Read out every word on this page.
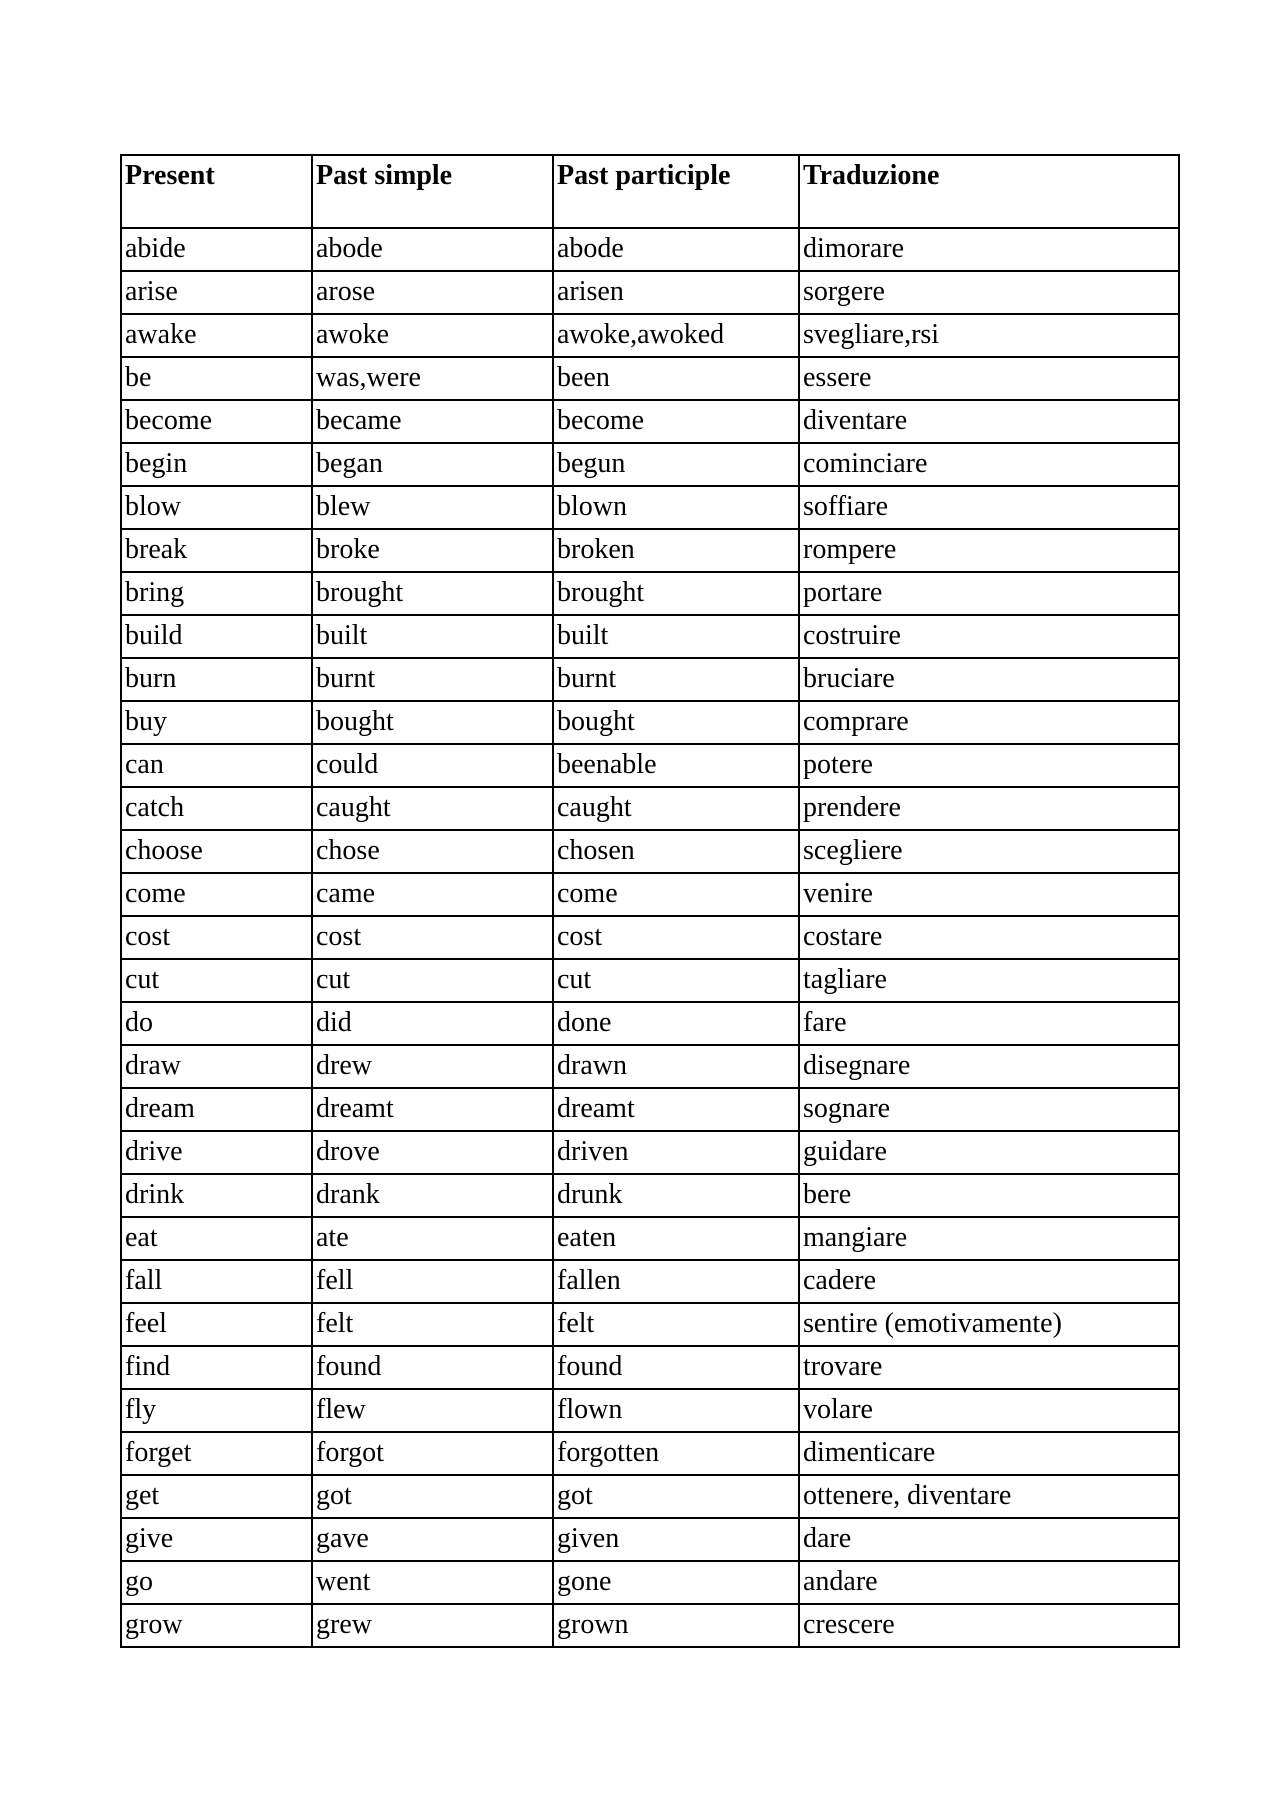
Present	Past simple	Past participle	Traduzione
abide	abode	abode	dimorare
arise	arose	arisen	sorgere
awake	awoke	awoke,awoked	svegliare,rsi
be	was,were	been	essere
become	became	become	diventare
begin	began	begun	cominciare
blow	blew	blown	soffiare
break	broke	broken	rompere
bring	brought	brought	portare
build	built	built	costruire
burn	burnt	burnt	bruciare
buy	bought	bought	comprare
can	could	beenable	potere
catch	caught	caught	prendere
choose	chose	chosen	scegliere
come	came	come	venire
cost	cost	cost	costare
cut	cut	cut	tagliare
do	did	done	fare
draw	drew	drawn	disegnare
dream	dreamt	dreamt	sognare
drive	drove	driven	guidare
drink	drank	drunk	bere
eat	ate	eaten	mangiare
fall	fell	fallen	cadere
feel	felt	felt	sentire (emotivamente)
find	found	found	trovare
fly	flew	flown	volare
forget	forgot	forgotten	dimenticare
get	got	got	ottenere, diventare
give	gave	given	dare
go	went	gone	andare
grow	grew	grown	crescere
